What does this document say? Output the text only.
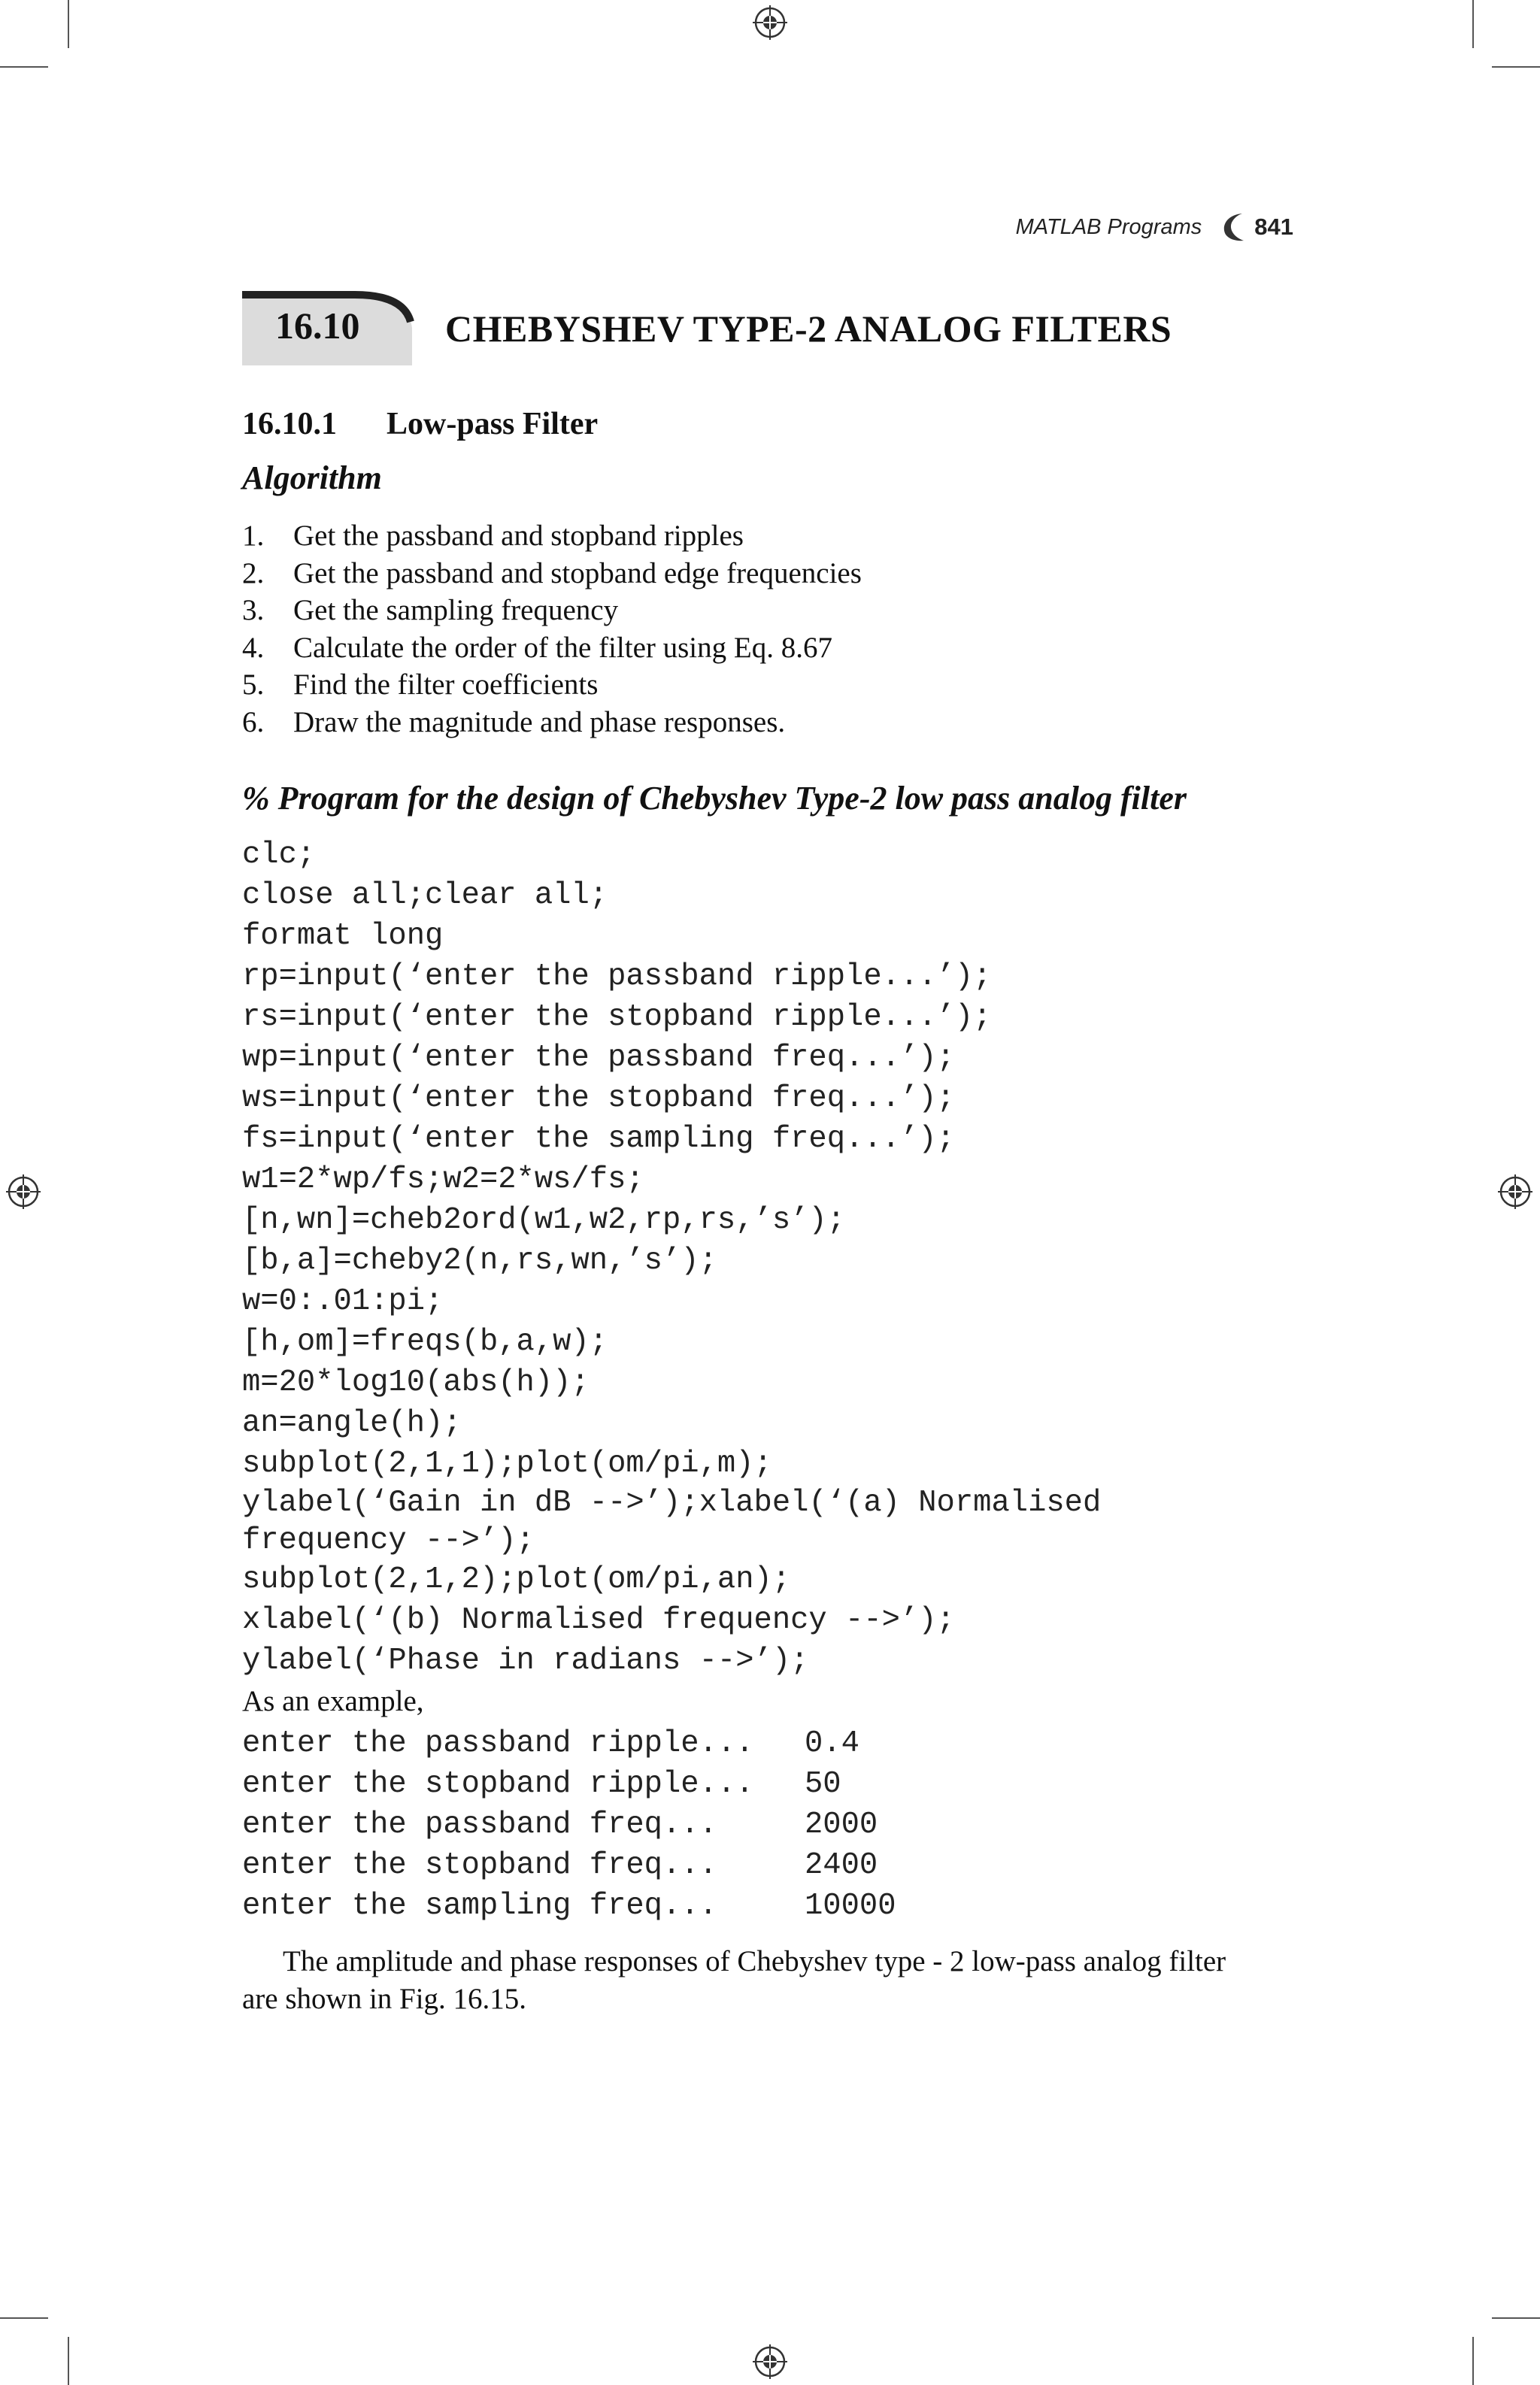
MATLAB Programs 841
16.10 CHEBYSHEV TYPE-2 ANALOG FILTERS
16.10.1 Low-pass Filter
Algorithm
1. Get the passband and stopband ripples
2. Get the passband and stopband edge frequencies
3. Get the sampling frequency
4. Calculate the order of the filter using Eq. 8.67
5. Find the filter coefficients
6. Draw the magnitude and phase responses.
% Program for the design of Chebyshev Type-2 low pass analog filter
clc;
close all;clear all;
format long
rp=input(‘enter the passband ripple...’);
rs=input(‘enter the stopband ripple...’);
wp=input(‘enter the passband freq...’);
ws=input(‘enter the stopband freq...’);
fs=input(‘enter the sampling freq...’);
w1=2*wp/fs;w2=2*ws/fs;
[n,wn]=cheb2ord(w1,w2,rp,rs,’s’);
[b,a]=cheby2(n,rs,wn,’s’);
w=0:.01:pi;
[h,om]=freqs(b,a,w);
m=20*log10(abs(h));
an=angle(h);
subplot(2,1,1);plot(om/pi,m);
ylabel(‘Gain in dB -->’);xlabel(‘(a) Normalised
frequency -->’);
subplot(2,1,2);plot(om/pi,an);
xlabel(‘(b) Normalised frequency -->’);
ylabel(‘Phase in radians -->’);
As an example,
enter the passband ripple... 0.4
enter the stopband ripple... 50
enter the passband freq...	2000
enter the stopband freq...	2400
enter the sampling freq...	10000
The amplitude and phase responses of Chebyshev type - 2 low-pass analog filter
are shown in Fig. 16.15.
